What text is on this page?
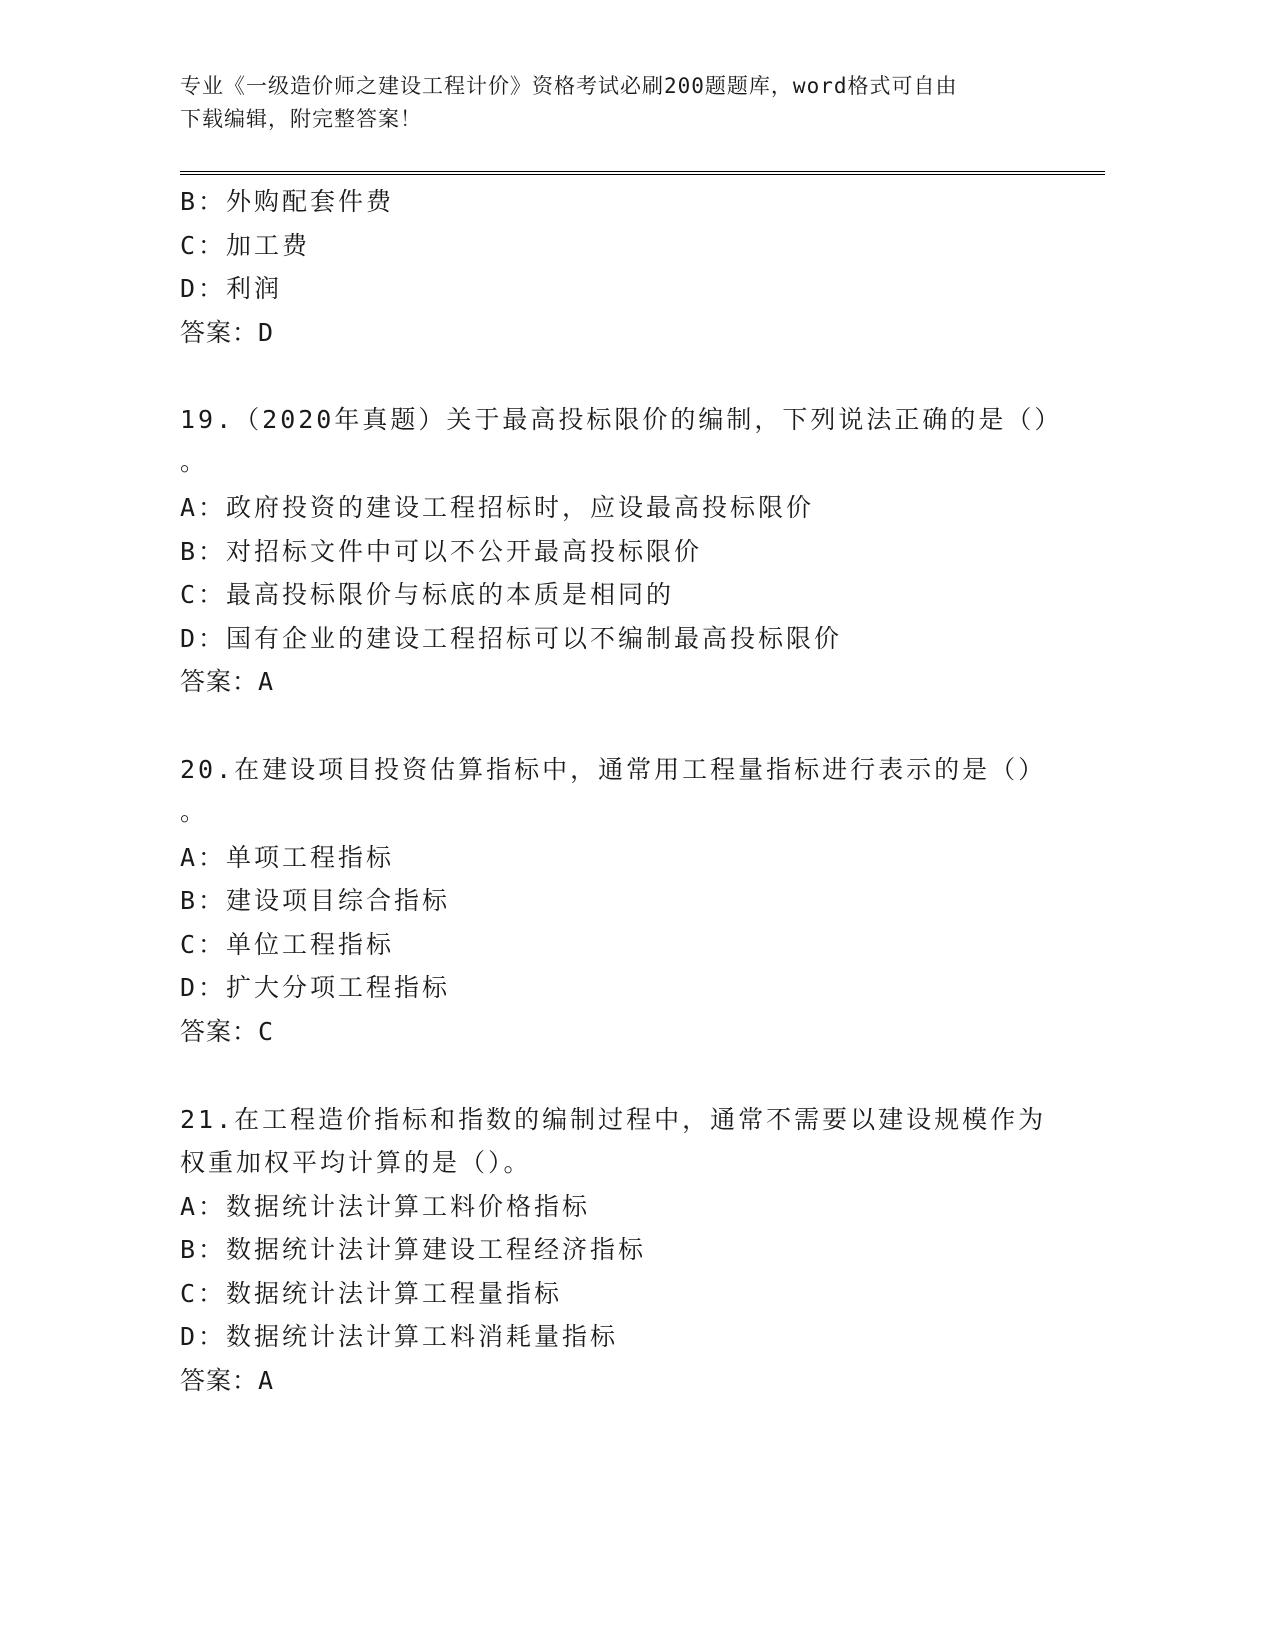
专业《一级造价师之建设工程计价》资格考试必刷200题题库，word格式可自由
下载编辑，附完整答案！
B：外购配套件费
C：加工费
D：利润
答案：D
19.（2020年真题）关于最高投标限价的编制，下列说法正确的是（）
。
A：政府投资的建设工程招标时，应设最高投标限价
B：对招标文件中可以不公开最高投标限价
C：最高投标限价与标底的本质是相同的
D：国有企业的建设工程招标可以不编制最高投标限价
答案：A
20.在建设项目投资估算指标中，通常用工程量指标进行表示的是（）
。
A：单项工程指标
B：建设项目综合指标
C：单位工程指标
D：扩大分项工程指标
答案：C
21.在工程造价指标和指数的编制过程中，通常不需要以建设规模作为
权重加权平均计算的是（）。
A：数据统计法计算工料价格指标
B：数据统计法计算建设工程经济指标
C：数据统计法计算工程量指标
D：数据统计法计算工料消耗量指标
答案：A
